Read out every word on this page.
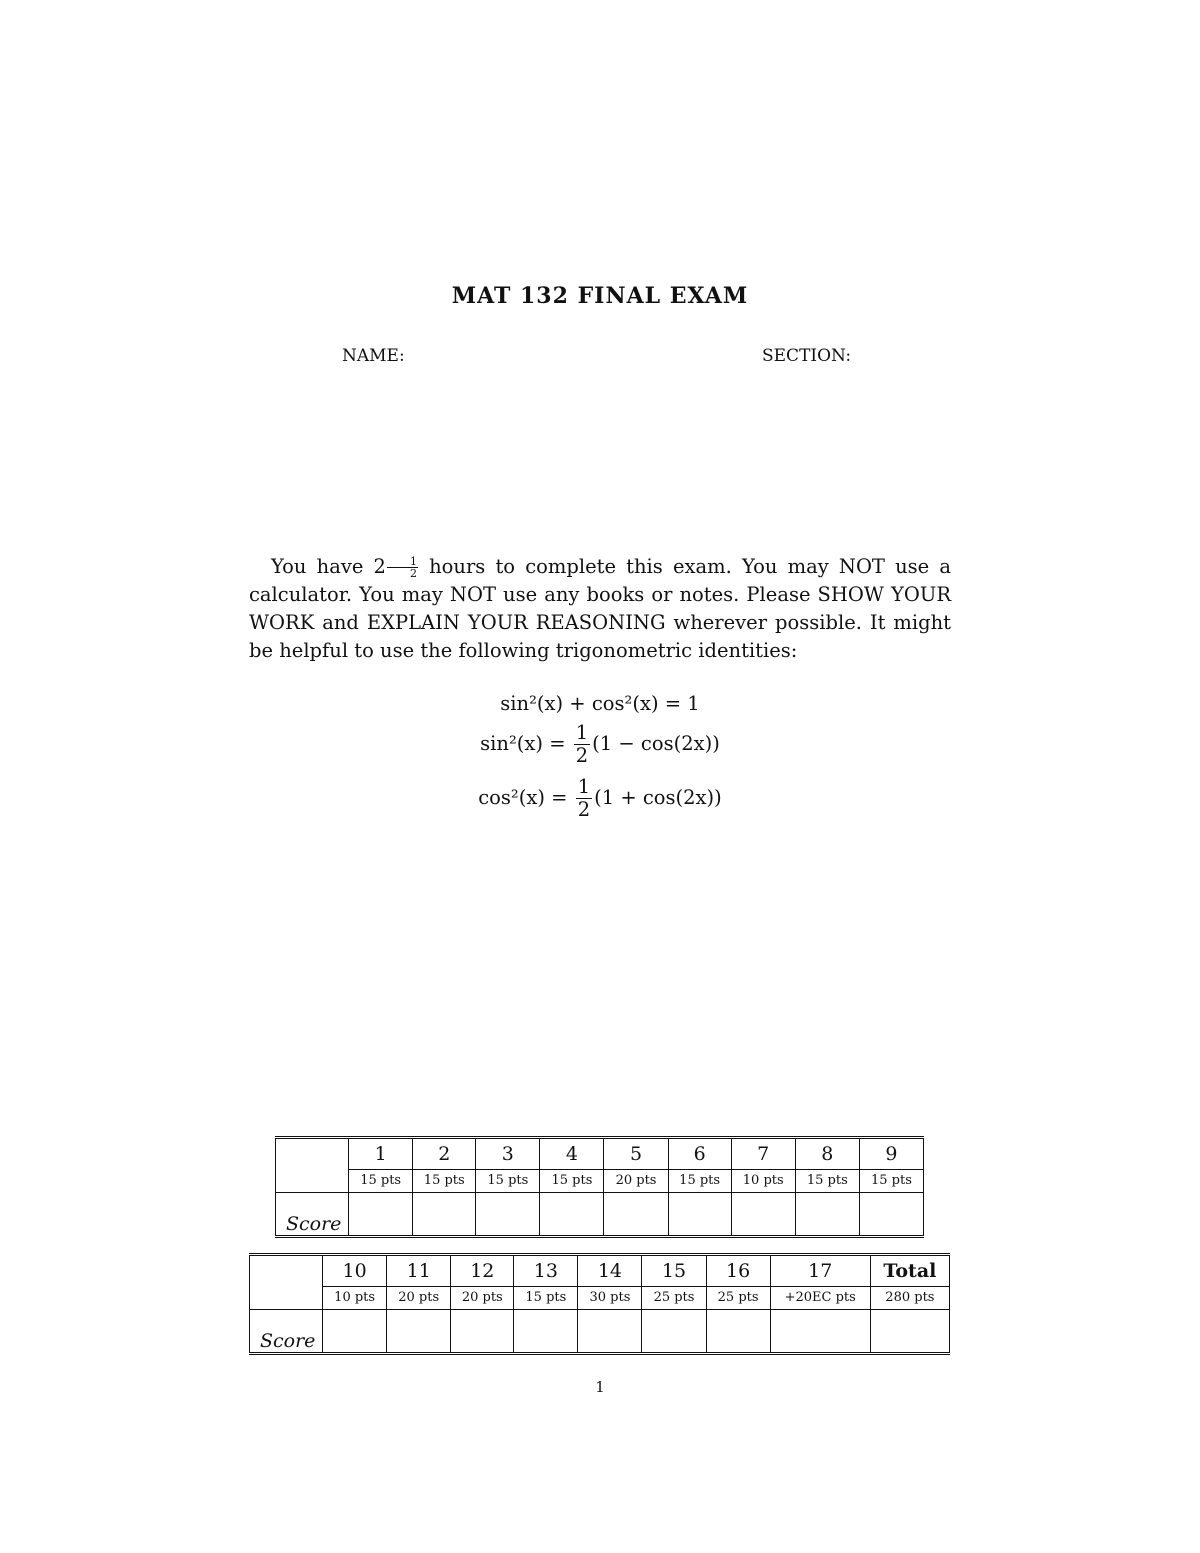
MAT 132 FINAL EXAM
NAME:	SECTION:
You have $2 \frac{1}{2}$ hours to complete this exam. You may NOT use a calculator. You may NOT use any books or notes. Please SHOW YOUR WORK and EXPLAIN YOUR REASONING wherever possible. It might be helpful to use the following trigonometric identities:
sin²(x) + cos²(x) = 1
$\sin^2(x) = \frac{1}{2} (1 - \cos(2x))$
$\cos^2(x) = \frac{1}{2} (1 + \cos(2x))$
	1	2	3	4	5	6	7	8	9
	15 pts	15 pts	15 pts	15 pts	20 pts	15 pts	10 pts	15 pts	15 pts
Score									
	10	11	12	13	14	15	16	17	Total
	10 pts	20 pts	20 pts	15 pts	30 pts	25 pts	25 pts	+20EC pts	280 pts
Score									
1
